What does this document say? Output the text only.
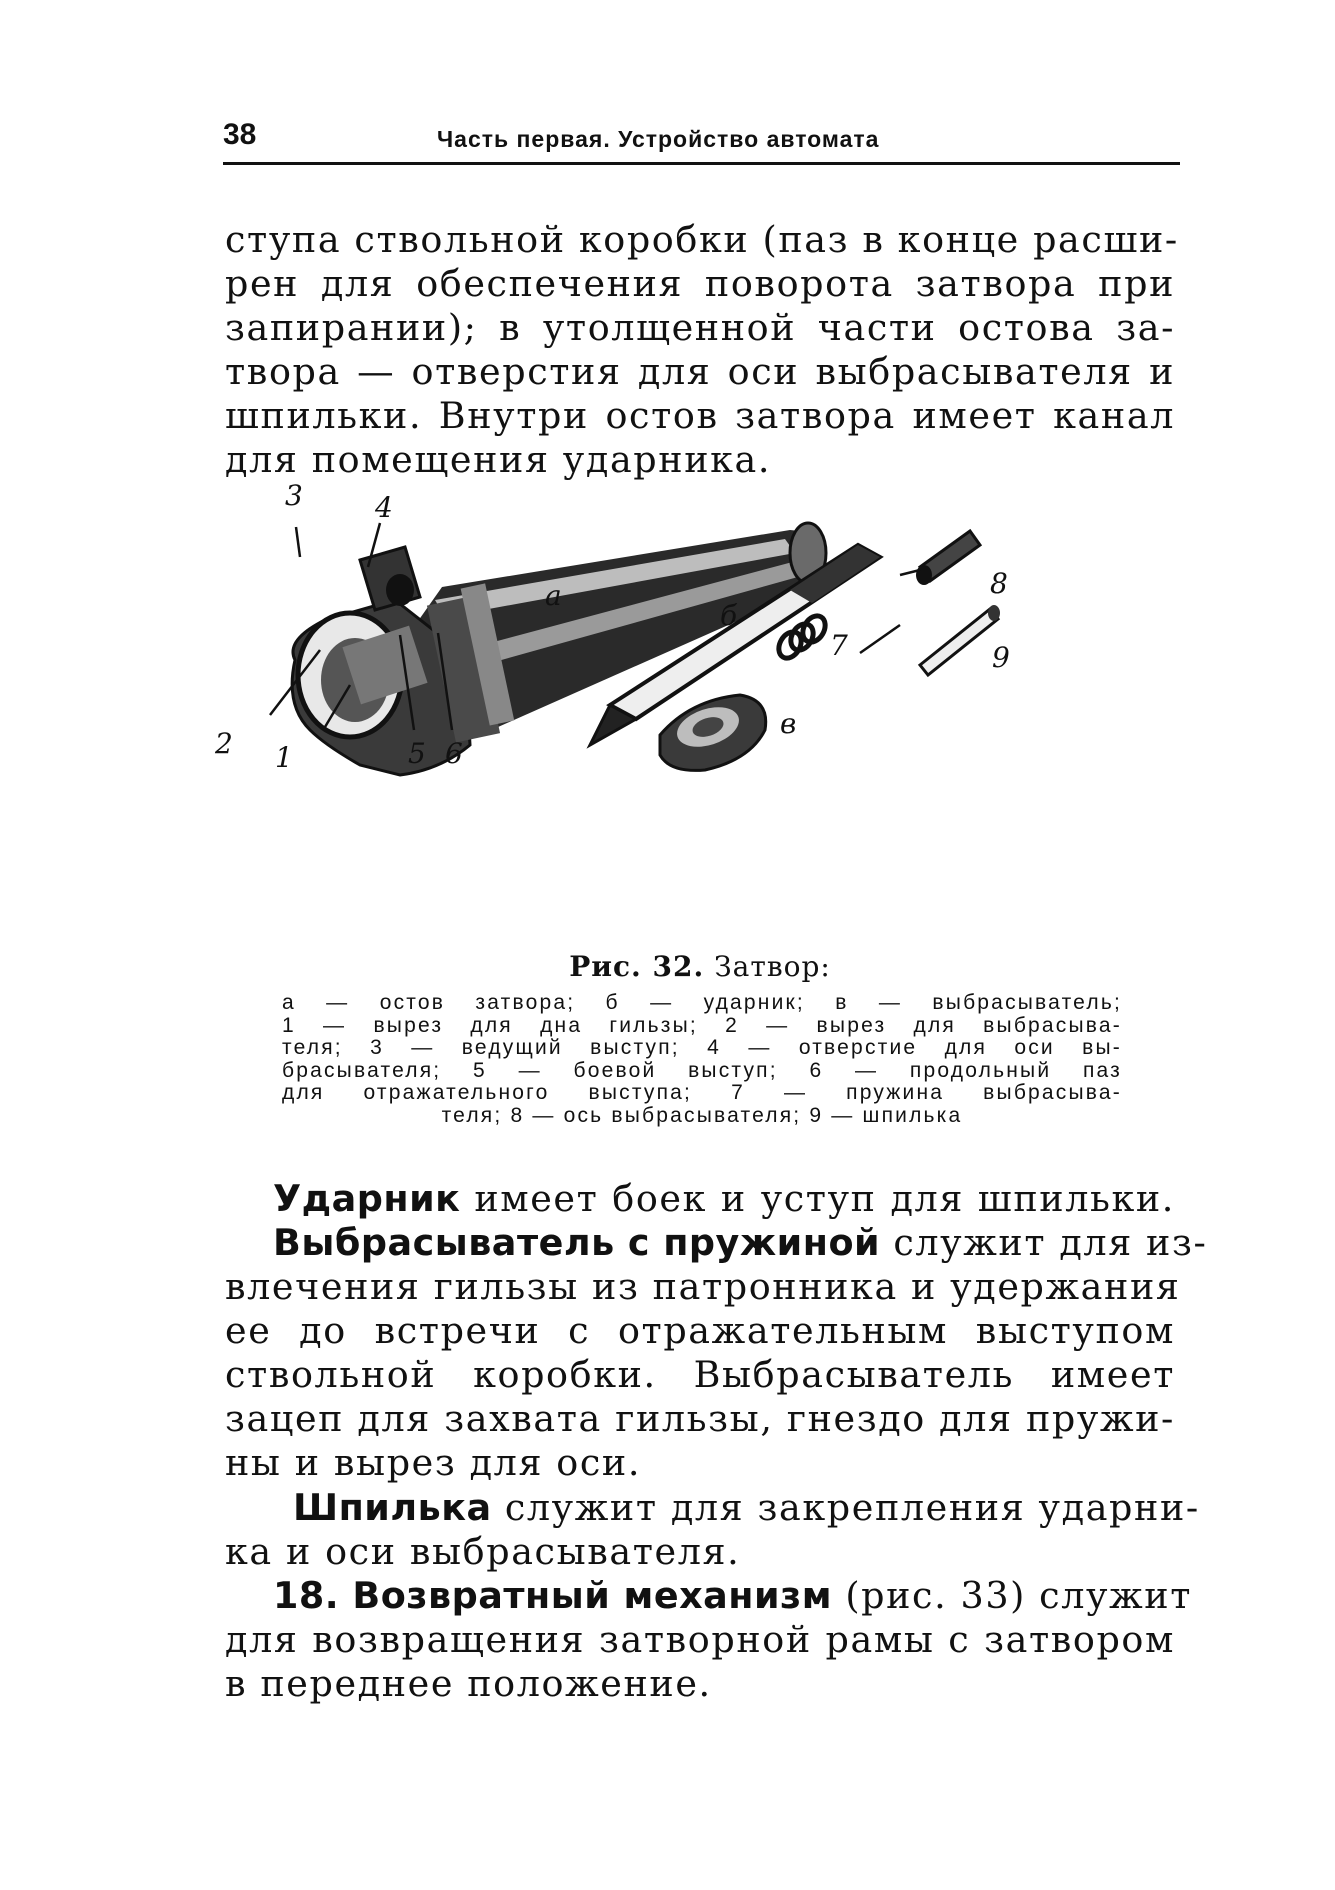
38	Часть первая. Устройство автомата
ступа ствольной коробки (паз в конце расши-
рен для обеспечения поворота затвора при
запирании); в утолщенной части остова за-
твора — отверстия для оси выбрасывателя и
шпильки. Внутри остов затвора имеет канал
для помещения ударника.
3	4
2 1	5 6
а
б
в
7
8
9
Рис. 32. Затвор:
а — остов затвора; б — ударник; в — выбрасыватель;
1 — вырез для дна гильзы; 2 — вырез для выбрасыва-
теля; 3 — ведущий выступ; 4 — отверстие для оси вы-
брасывателя; 5 — боевой выступ; 6 — продольный паз
для отражательного выступа; 7 — пружина выбрасыва-
теля; 8 — ось выбрасывателя; 9 — шпилька
Ударник имеет боек и уступ для шпильки.
Выбрасыватель с пружиной служит для из-
влечения гильзы из патронника и удержания
ее до встречи с отражательным выступом
ствольной коробки. Выбрасыватель имеет
зацеп для захвата гильзы, гнездо для пружи-
ны и вырез для оси.
Шпилька служит для закрепления ударни-
ка и оси выбрасывателя.
18. Возвратный механизм (рис. 33) служит
для возвращения затворной рамы с затвором
в переднее положение.
